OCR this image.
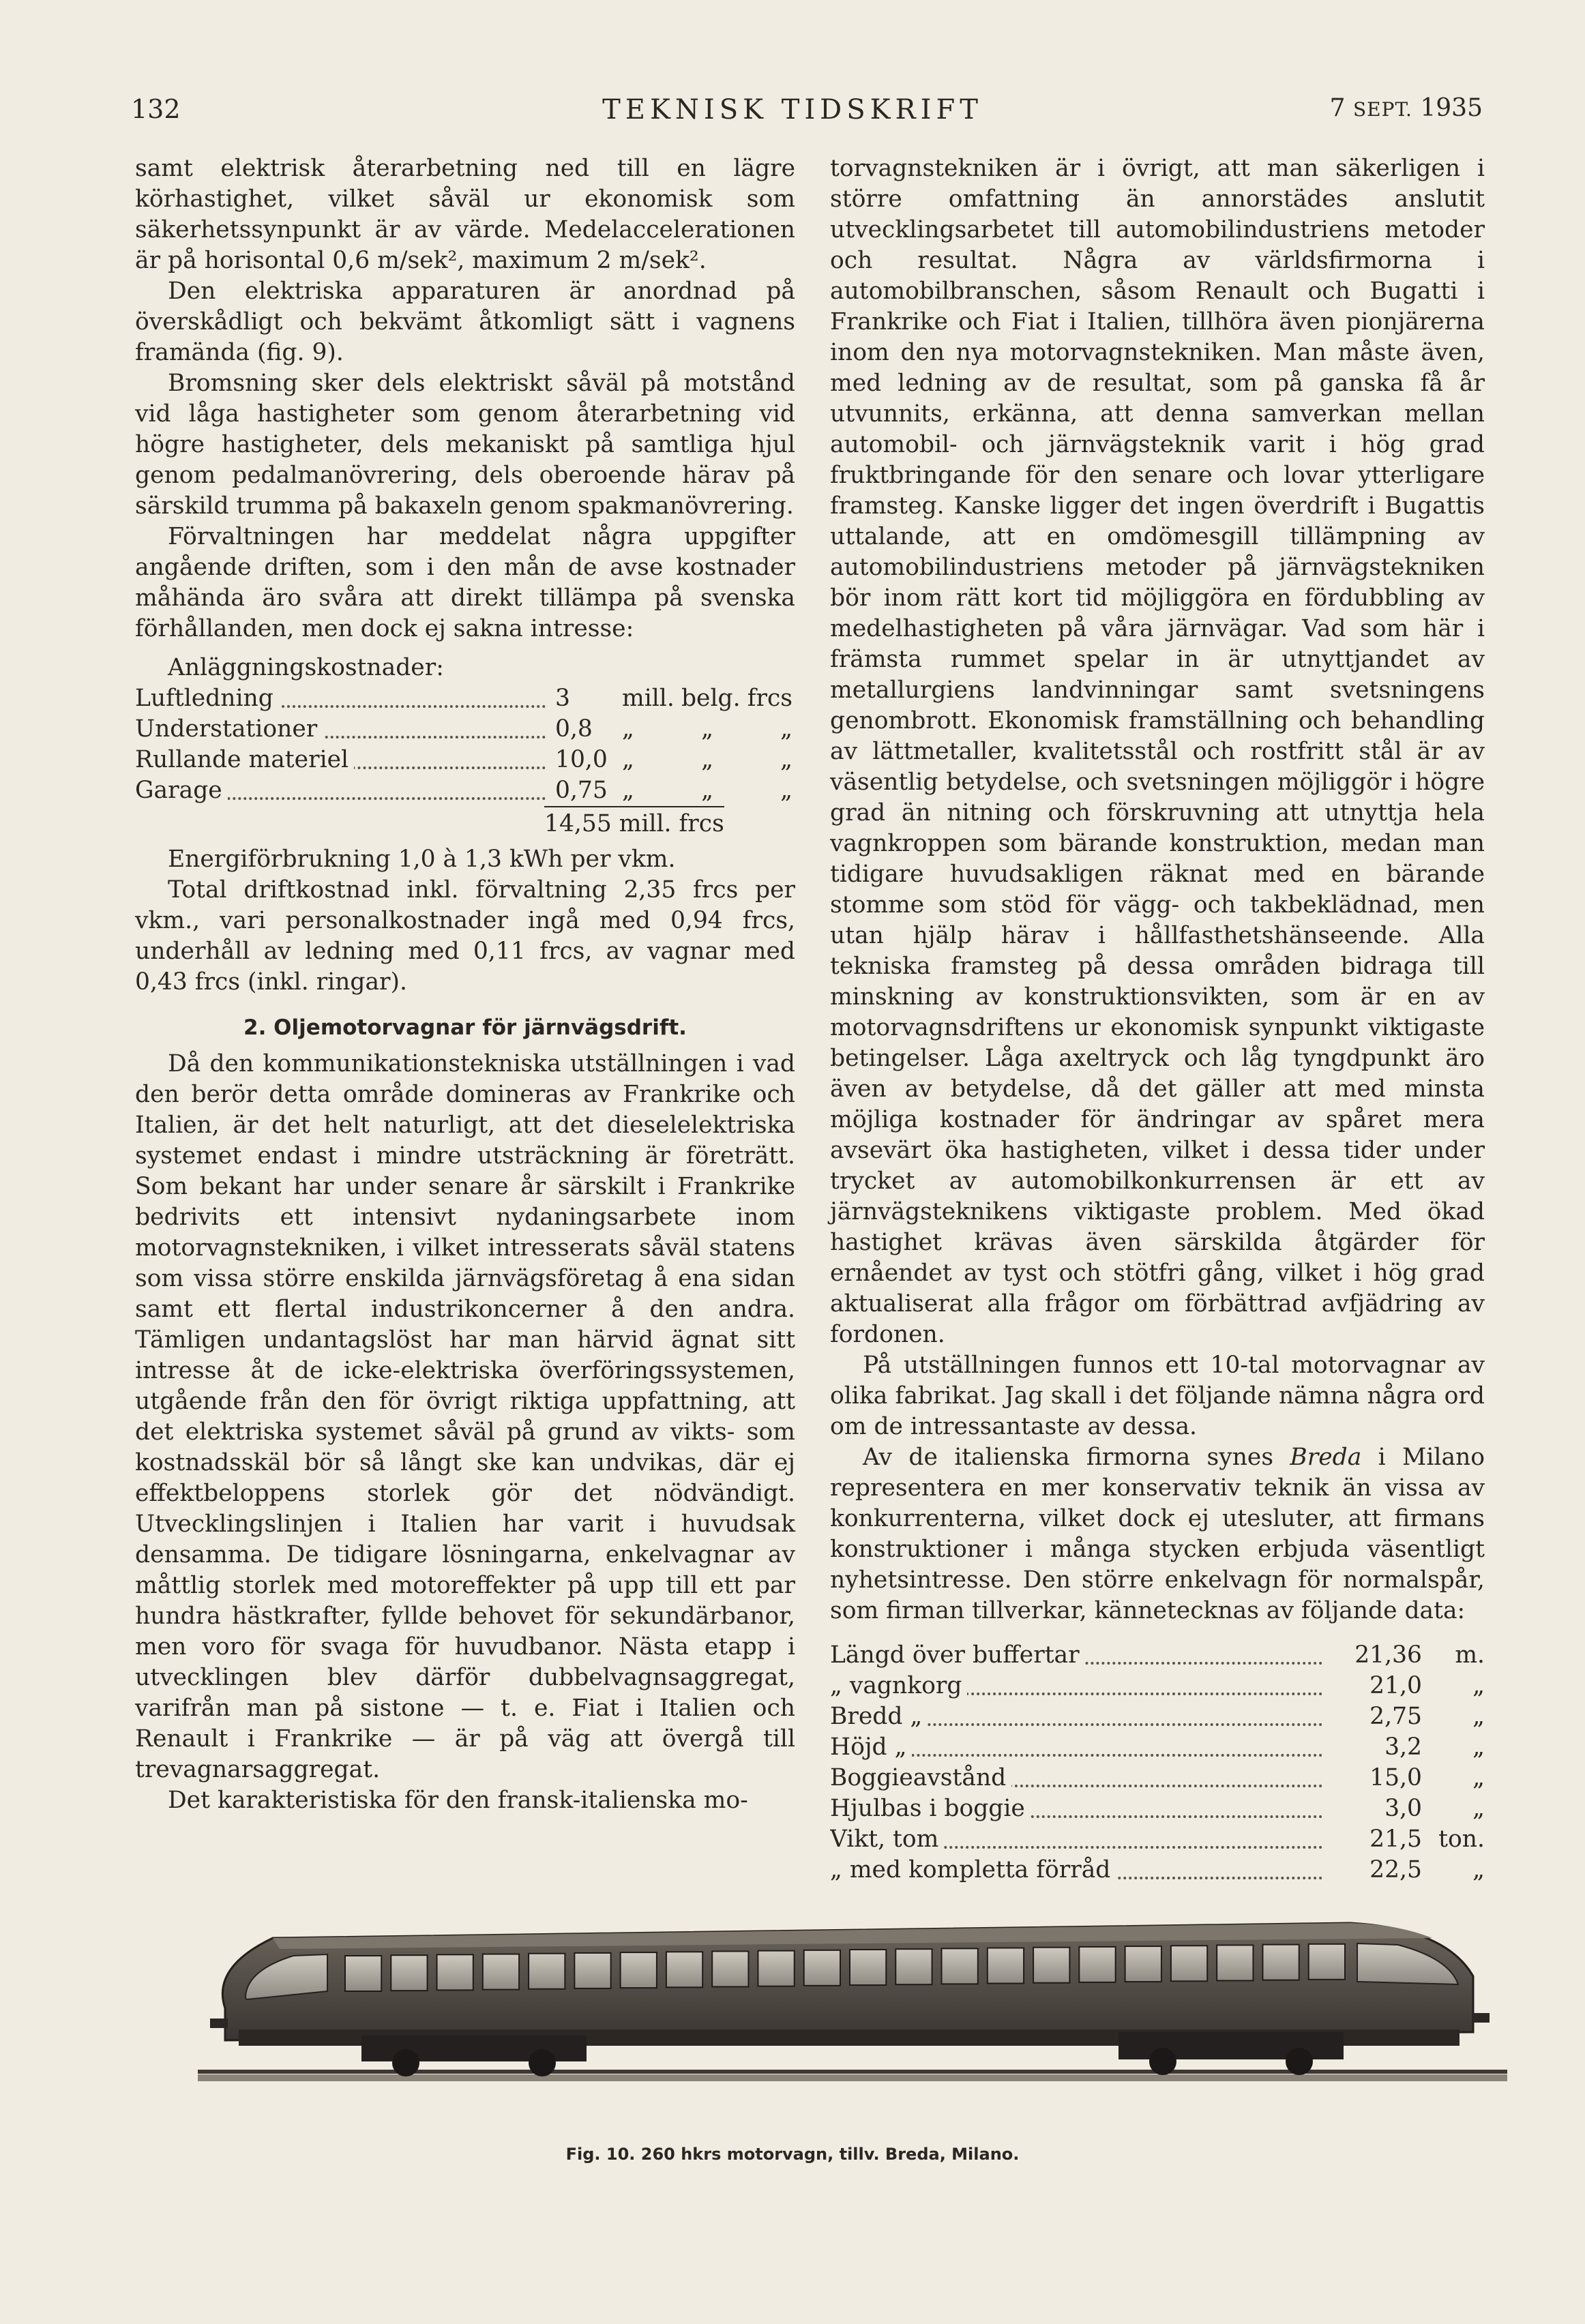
132	TEKNISK TIDSKRIFT	7 SEPT. 1935

samt elektrisk återarbetning ned till en lägre körhastighet, vilket såväl ur ekonomisk som säkerhetssynpunkt är av värde. Medelaccelerationen är på horisontal 0,6 m/sek², maximum 2 m/sek².

Den elektriska apparaturen är anordnad på överskådligt och bekvämt åtkomligt sätt i vagnens framända (fig. 9).

Bromsning sker dels elektriskt såväl på motstånd vid låga hastigheter som genom återarbetning vid högre hastigheter, dels mekaniskt på samtliga hjul genom pedalmanövrering, dels oberoende härav på särskild trumma på bakaxeln genom spakmanövrering.

Förvaltningen har meddelat några uppgifter angående driften, som i den mån de avse kostnader måhända äro svåra att direkt tillämpa på svenska förhållanden, men dock ej sakna intresse:

Anläggningskostnader:

Luftledning	3	mill. belg. frcs
Understationer	0,8	„	„	„
Rullande materiel	10,0 „	„	„
Garage	0,75 „	„	„
14,55 mill. frcs

Energiförbrukning 1,0 à 1,3 kWh per vkm.

Total driftkostnad inkl. förvaltning 2,35 frcs per vkm., vari personalkostnader ingå med 0,94 frcs, underhåll av ledning med 0,11 frcs, av vagnar med 0,43 frcs (inkl. ringar).

2. Oljemotorvagnar för järnvägsdrift.

Då den kommunikationstekniska utställningen i vad den berör detta område domineras av Frankrike och Italien, är det helt naturligt, att det dieselelektriska systemet endast i mindre utsträckning är företrätt. Som bekant har under senare år särskilt i Frankrike bedrivits ett intensivt nydaningsarbete inom motorvagnstekniken, i vilket intresserats såväl statens som vissa större enskilda järnvägsföretag å ena sidan samt ett flertal industrikoncerner å den andra. Tämligen undantagslöst har man härvid ägnat sitt intresse åt de icke-elektriska överföringssystemen, utgående från den för övrigt riktiga uppfattning, att det elektriska systemet såväl på grund av vikts- som kostnadsskäl bör så långt ske kan undvikas, där ej effektbeloppens storlek gör det nödvändigt. Utvecklingslinjen i Italien har varit i huvudsak densamma. De tidigare lösningarna, enkelvagnar av måttlig storlek med motoreffekter på upp till ett par hundra hästkrafter, fyllde behovet för sekundärbanor, men voro för svaga för huvudbanor. Nästa etapp i utvecklingen blev därför dubbelvagnsaggregat, varifrån man på sistone — t. e. Fiat i Italien och Renault i Frankrike — är på väg att övergå till trevagnarsaggregat.

Det karakteristiska för den fransk-italienska mo-

torvagnstekniken är i övrigt, att man säkerligen i större omfattning än annorstädes anslutit utvecklingsarbetet till automobilindustriens metoder och resultat. Några av världsfirmorna i automobilbranschen, såsom Renault och Bugatti i Frankrike och Fiat i Italien, tillhöra även pionjärerna inom den nya motorvagnstekniken. Man måste även, med ledning av de resultat, som på ganska få år utvunnits, erkänna, att denna samverkan mellan automobil- och järnvägsteknik varit i hög grad fruktbringande för den senare och lovar ytterligare framsteg. Kanske ligger det ingen överdrift i Bugattis uttalande, att en omdömesgill tillämpning av automobilindustriens metoder på järnvägstekniken bör inom rätt kort tid möjliggöra en fördubbling av medelhastigheten på våra järnvägar. Vad som här i främsta rummet spelar in är utnyttjandet av metallurgiens landvinningar samt svetsningens genombrott. Ekonomisk framställning och behandling av lättmetaller, kvalitetsstål och rostfritt stål är av väsentlig betydelse, och svetsningen möjliggör i högre grad än nitning och förskruvning att utnyttja hela vagnkroppen som bärande konstruktion, medan man tidigare huvudsakligen räknat med en bärande stomme som stöd för vägg- och takbeklädnad, men utan hjälp härav i hållfasthetshänseende. Alla tekniska framsteg på dessa områden bidraga till minskning av konstruktionsvikten, som är en av motorvagnsdriftens ur ekonomisk synpunkt viktigaste betingelser. Låga axeltryck och låg tyngdpunkt äro även av betydelse, då det gäller att med minsta möjliga kostnader för ändringar av spåret mera avsevärt öka hastigheten, vilket i dessa tider under trycket av automobilkonkurrensen är ett av järnvägsteknikens viktigaste problem. Med ökad hastighet krävas även särskilda åtgärder för ernåendet av tyst och stötfri gång, vilket i hög grad aktualiserat alla frågor om förbättrad avfjädring av fordonen.

På utställningen funnos ett 10-tal motorvagnar av olika fabrikat. Jag skall i det följande nämna några ord om de intressantaste av dessa.

Av de italienska firmorna synes Breda i Milano representera en mer konservativ teknik än vissa av konkurrenterna, vilket dock ej utesluter, att firmans konstruktioner i många stycken erbjuda väsentligt nyhetsintresse. Den större enkelvagn för normalspår, som firman tillverkar, kännetecknas av följande data:

Längd över buffertar	21,36	m.
„ vagnkorg	21,0	„
Bredd „	2,75	„
Höjd „	3,2	„
Boggieavstånd	15,0	„
Hjulbas i boggie	3,0	„
Vikt, tom	21,5 ton.
„ med kompletta förråd	22,5	„
Fig. 10. 260 hkrs motorvagn, tillv. Breda, Milano.
